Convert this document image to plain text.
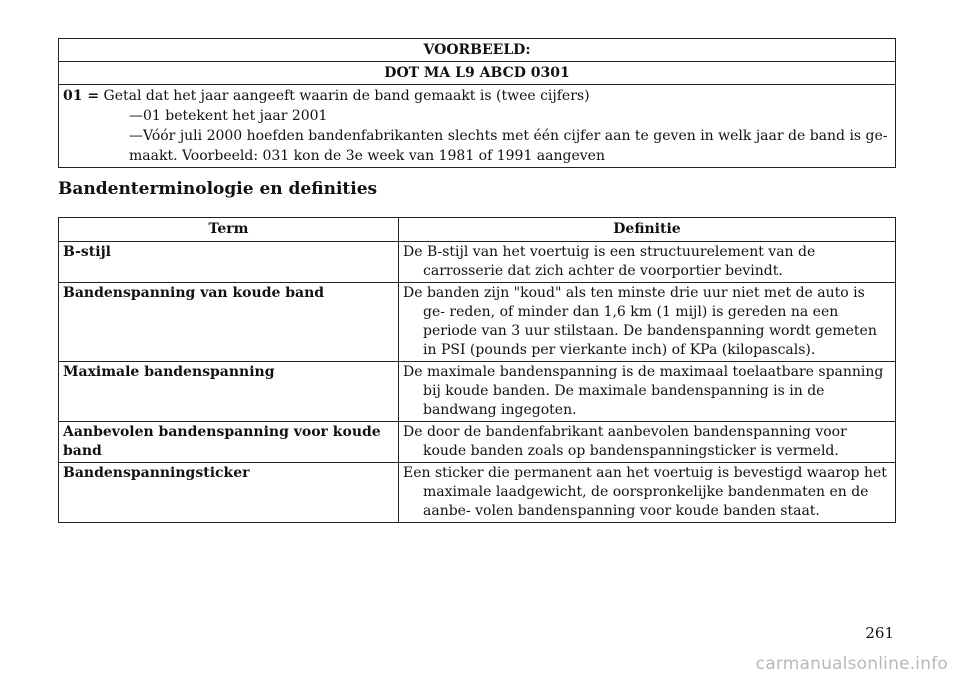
VOORBEELD:
DOT MA L9 ABCD 0301

01 = Getal dat het jaar aangeeft waarin de band gemaakt is (twee cijfers)
—01 betekent het jaar 2001
—Vóór juli 2000 hoefden bandenfabrikanten slechts met één cijfer aan te geven in welk jaar de band is ge-
maakt. Voorbeeld: 031 kon de 3e week van 1981 of 1991 aangeven
Bandenterminologie en definities
Term	Definitie
B-stijl	De B-stijl van het voertuig is een structuurelement van de carrosserie dat zich achter de voorportier bevindt.

Bandenspanning van koude band	De banden zijn "koud" als ten minste drie uur niet met de auto is ge- reden, of minder dan 1,6 km (1 mijl) is gereden na een periode van 3 uur stilstaan. De bandenspanning wordt gemeten in PSI (pounds per vierkante inch) of KPa (kilopascals).

Maximale bandenspanning	De maximale bandenspanning is de maximaal toelaatbare spanning bij koude banden. De maximale bandenspanning is in de bandwang ingegoten.

Aanbevolen bandenspanning voor koude band	De door de bandenfabrikant aanbevolen bandenspanning voor koude banden zoals op bandenspanningsticker is vermeld.

Bandenspanningsticker	Een sticker die permanent aan het voertuig is bevestigd waarop het maximale laadgewicht, de oorspronkelijke bandenmaten en de aanbe- volen bandenspanning voor koude banden staat.
261
carmanualsonline.info
